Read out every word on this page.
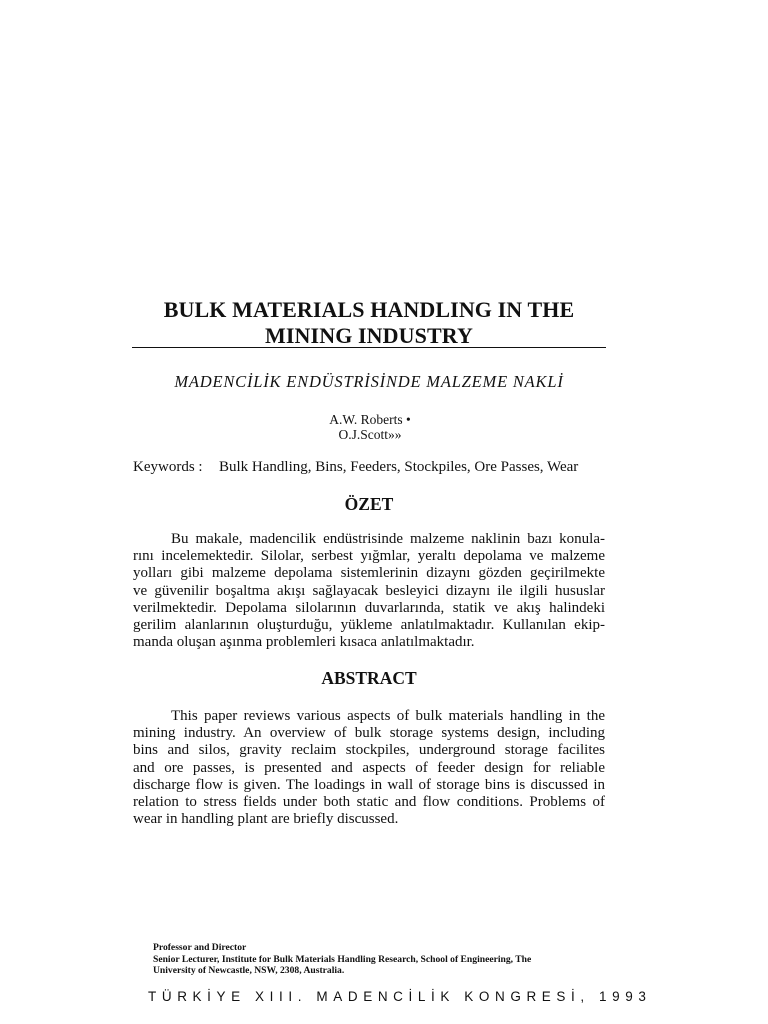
BULK MATERIALS HANDLING IN THE
MINING INDUSTRY
MADENCİLİK ENDÜSTRİSİNDE MALZEME NAKLİ
A.W. Roberts •
O.J.Scott»»
Keywords : Bulk Handling, Bins, Feeders, Stockpiles, Ore Passes, Wear
ÖZET
Bu makale, madencilik endüstrisinde malzeme naklinin bazı konula-
rını incelemektedir. Silolar, serbest yığmlar, yeraltı depolama ve malzeme
yolları gibi malzeme depolama sistemlerinin dizaynı gözden geçirilmekte
ve güvenilir boşaltma akışı sağlayacak besleyici dizaynı ile ilgili hususlar
verilmektedir. Depolama silolarının duvarlarında, statik ve akış halindeki
gerilim alanlarının oluşturduğu, yükleme anlatılmaktadır. Kullanılan ekip-
manda oluşan aşınma problemleri kısaca anlatılmaktadır.
ABSTRACT
This paper reviews various aspects of bulk materials handling in the
mining industry. An overview of bulk storage systems design, including
bins and silos, gravity reclaim stockpiles, underground storage facilites
and ore passes, is presented and aspects of feeder design for reliable
discharge flow is given. The loadings in wall of storage bins is discussed in
relation to stress fields under both static and flow conditions. Problems of
wear in handling plant are briefly discussed.
Professor and Director
Senior Lecturer, Institute for Bulk Materials Handling Research, School of Engineering, The
University of Newcastle, NSW, 2308, Australia.
TÜRKİYE XIII. MADENCİLİK KONGRESİ, 1993
